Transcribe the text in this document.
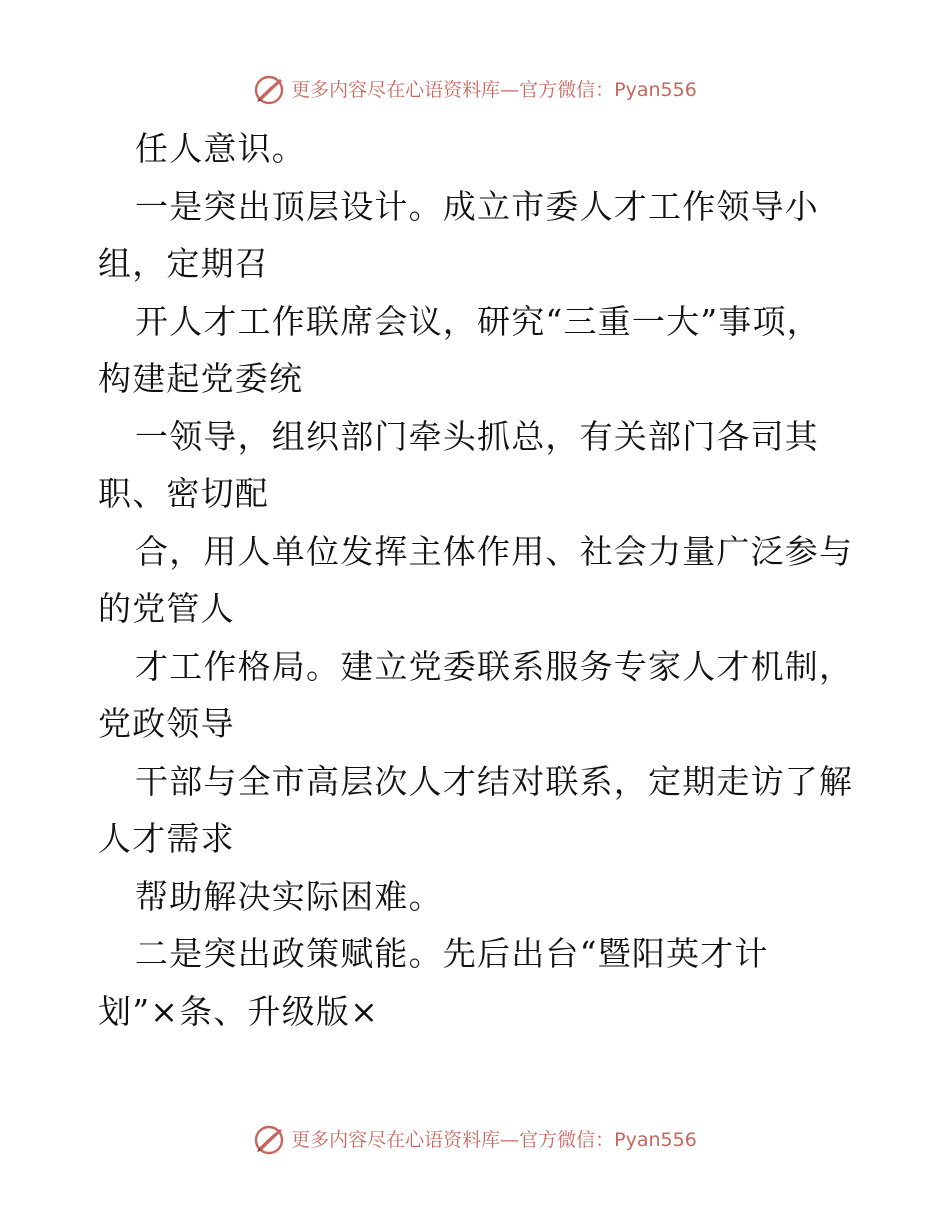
更多内容尽在心语资料库—官方微信：Pyan556
任人意识。
一是突出顶层设计。成立市委人才工作领导小
组，定期召
开人才工作联席会议，研究“三重一大”事项，
构建起党委统
一领导，组织部门牵头抓总，有关部门各司其
职、密切配
合，用人单位发挥主体作用、社会力量广泛参与
的党管人
才工作格局。建立党委联系服务专家人才机制，
党政领导
干部与全市高层次人才结对联系，定期走访了解
人才需求
帮助解决实际困难。
二是突出政策赋能。先后出台“暨阳英才计
划”×条、升级版×
更多内容尽在心语资料库—官方微信：Pyan556
